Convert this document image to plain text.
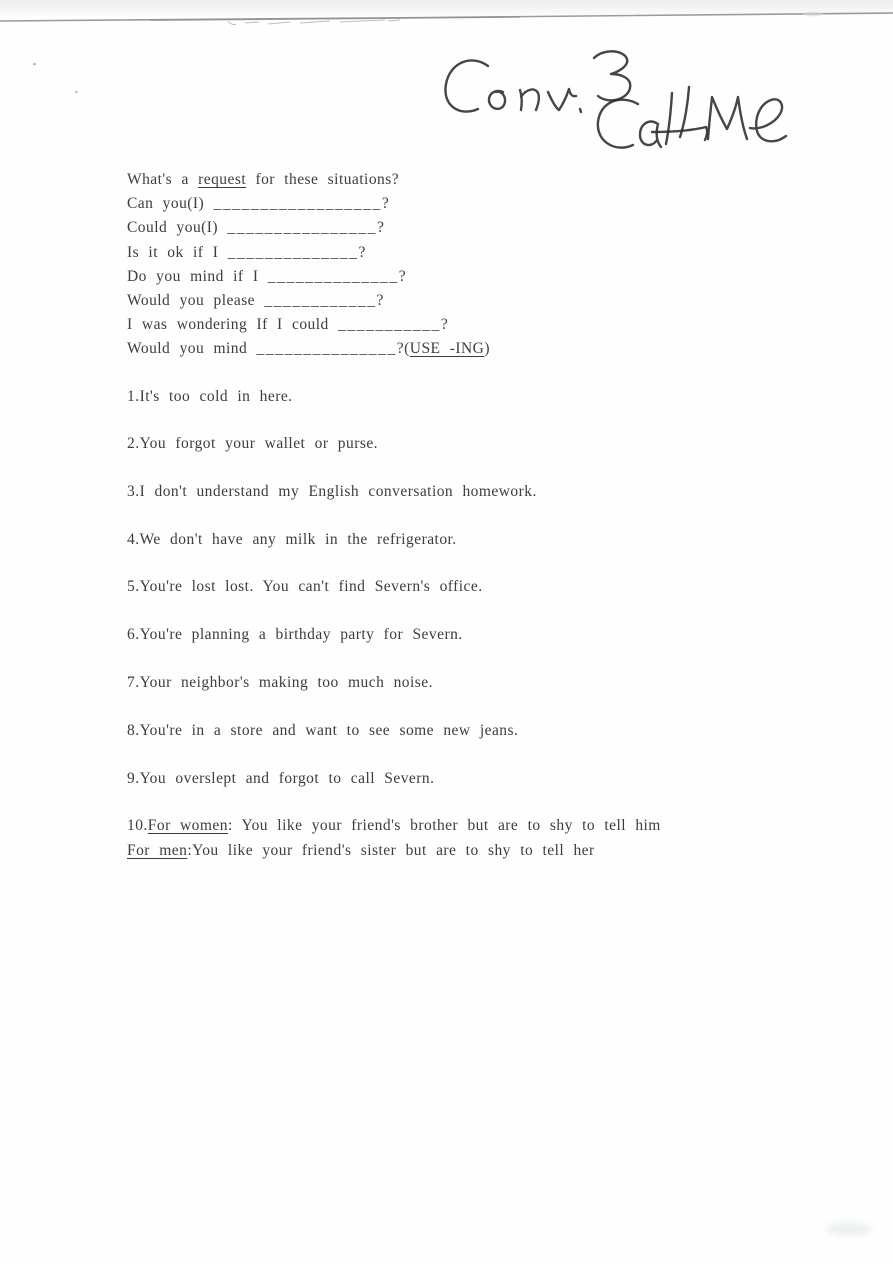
What's a request for these situations?
Can you(I) __________________?
Could you(I) ________________?
Is it ok if I ______________?
Do you mind if I ______________?
Would you please ____________?
I was wondering If I could ___________?
Would you mind _______________?(USE -ING)
1.It's too cold in here.
2.You forgot your wallet or purse.
3.I don't understand my English conversation homework.
4.We don't have any milk in the refrigerator.
5.You're lost lost. You can't find Severn's office.
6.You're planning a birthday party for Severn.
7.Your neighbor's making too much noise.
8.You're in a store and want to see some new jeans.
9.You overslept and forgot to call Severn.
10.For women: You like your friend's brother but are to shy to tell him
For men:You like your friend's sister but are to shy to tell her
